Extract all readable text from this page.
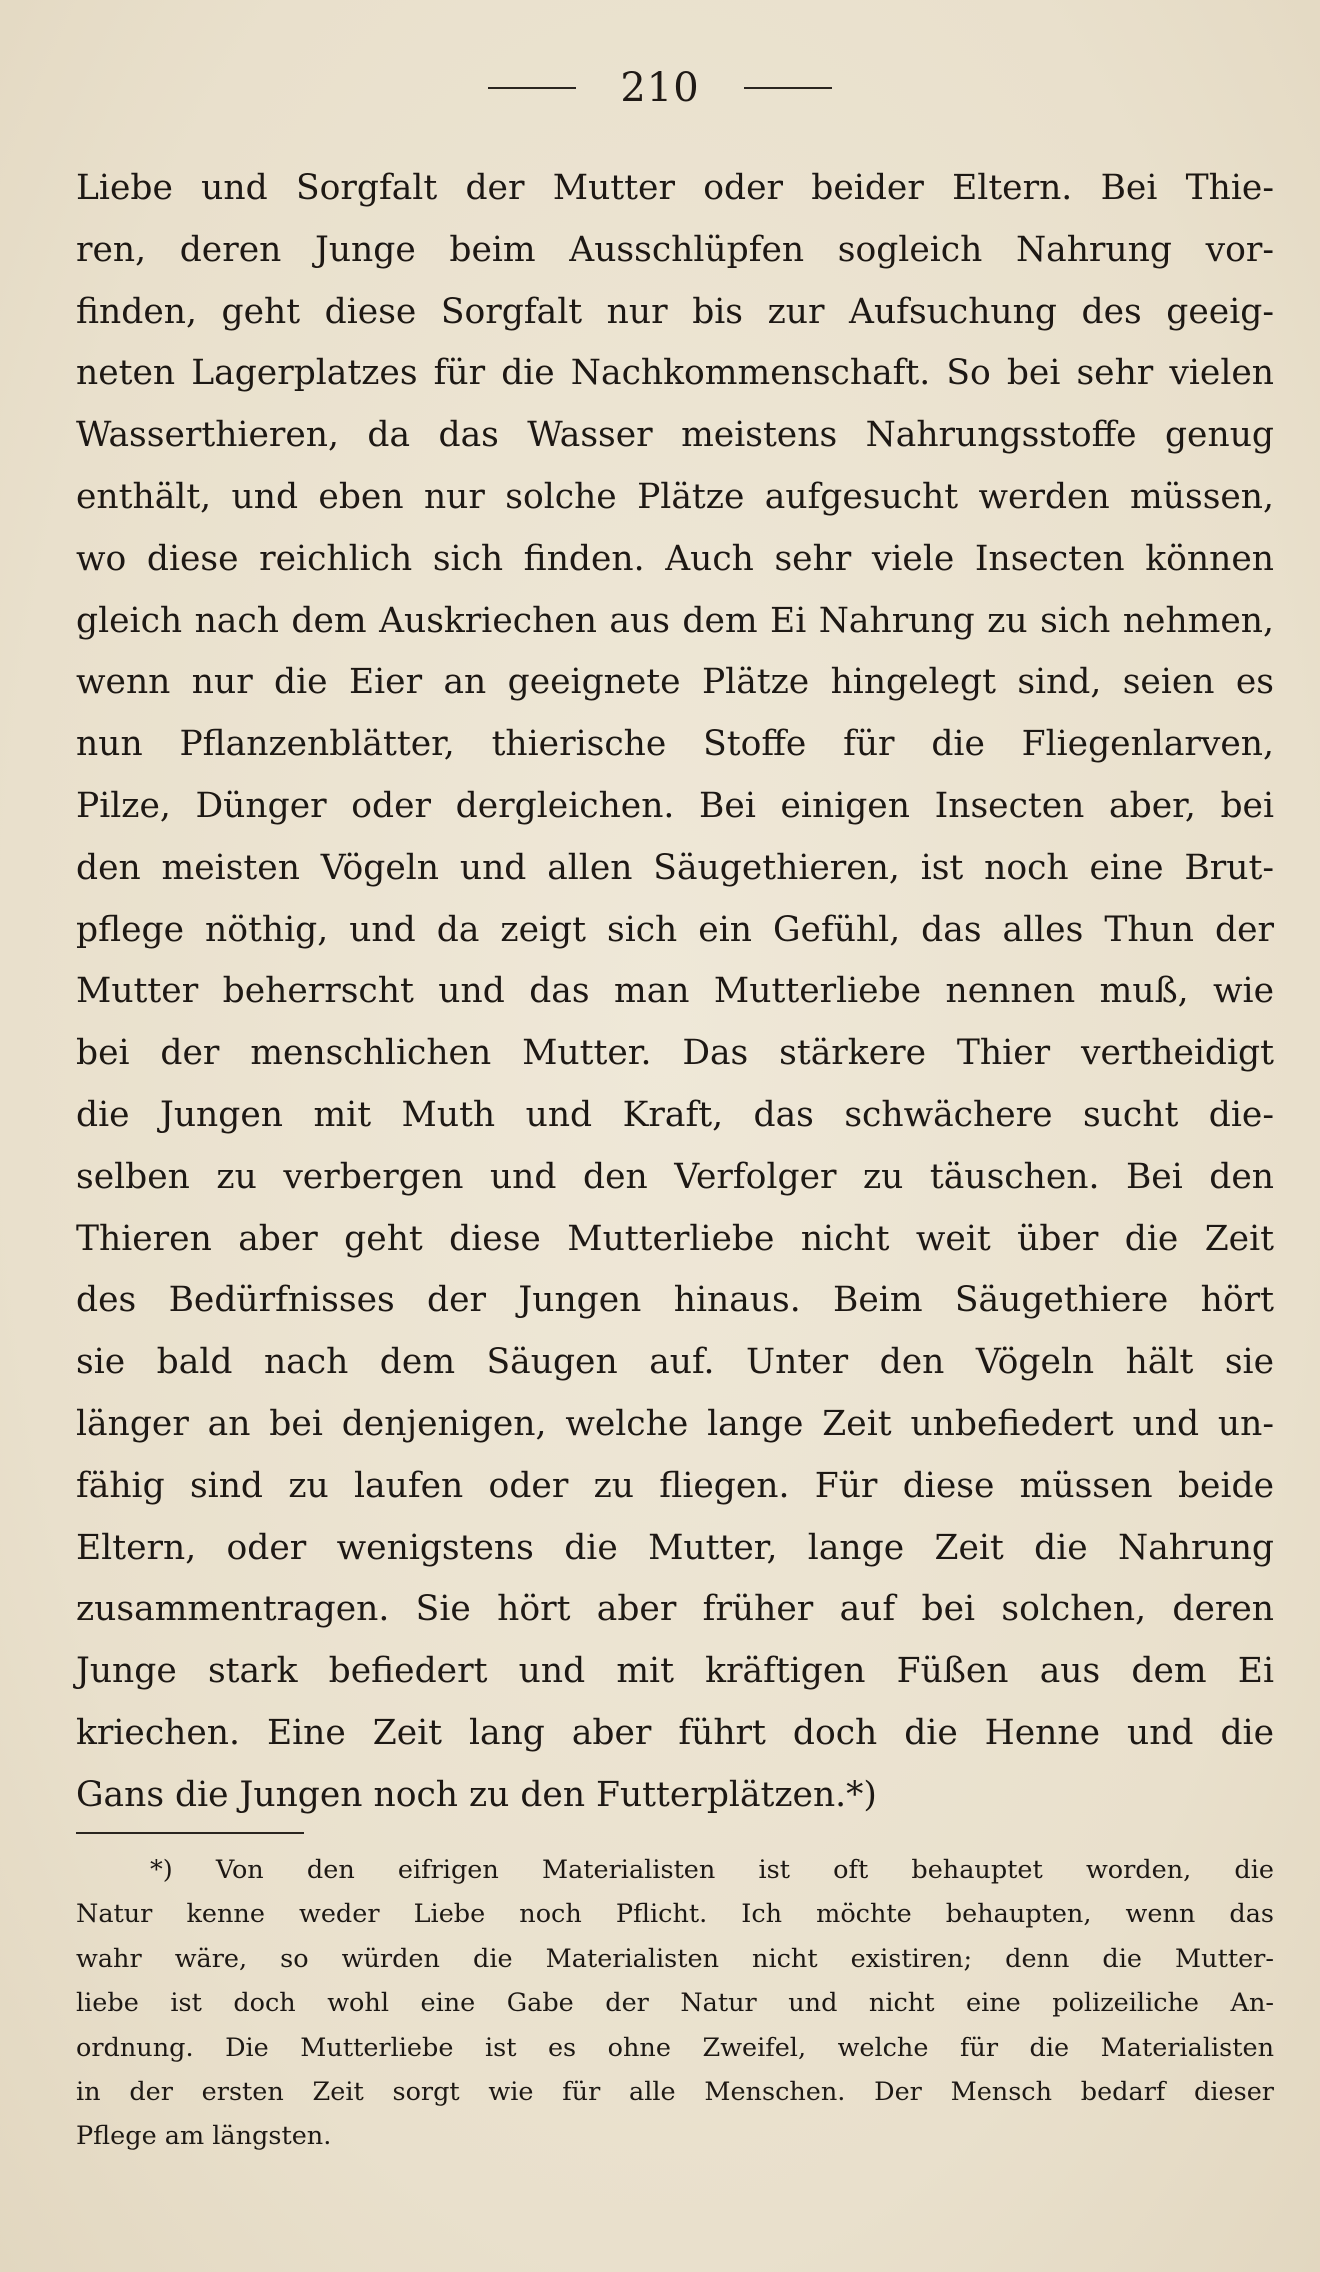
210
Liebe und Sorgfalt der Mutter oder beider Eltern. Bei Thie-
ren, deren Junge beim Ausschlüpfen sogleich Nahrung vor-
finden, geht diese Sorgfalt nur bis zur Aufsuchung des geeig-
neten Lagerplatzes für die Nachkommenschaft. So bei sehr vielen
Wasserthieren, da das Wasser meistens Nahrungsstoffe genug
enthält, und eben nur solche Plätze aufgesucht werden müssen,
wo diese reichlich sich finden. Auch sehr viele Insecten können
gleich nach dem Auskriechen aus dem Ei Nahrung zu sich nehmen,
wenn nur die Eier an geeignete Plätze hingelegt sind, seien es
nun Pflanzenblätter, thierische Stoffe für die Fliegenlarven,
Pilze, Dünger oder dergleichen. Bei einigen Insecten aber, bei
den meisten Vögeln und allen Säugethieren, ist noch eine Brut-
pflege nöthig, und da zeigt sich ein Gefühl, das alles Thun der
Mutter beherrscht und das man Mutterliebe nennen muß, wie
bei der menschlichen Mutter. Das stärkere Thier vertheidigt
die Jungen mit Muth und Kraft, das schwächere sucht die-
selben zu verbergen und den Verfolger zu täuschen. Bei den
Thieren aber geht diese Mutterliebe nicht weit über die Zeit
des Bedürfnisses der Jungen hinaus. Beim Säugethiere hört
sie bald nach dem Säugen auf. Unter den Vögeln hält sie
länger an bei denjenigen, welche lange Zeit unbefiedert und un-
fähig sind zu laufen oder zu fliegen. Für diese müssen beide
Eltern, oder wenigstens die Mutter, lange Zeit die Nahrung
zusammentragen. Sie hört aber früher auf bei solchen, deren
Junge stark befiedert und mit kräftigen Füßen aus dem Ei
kriechen. Eine Zeit lang aber führt doch die Henne und die
Gans die Jungen noch zu den Futterplätzen.*)
*) Von den eifrigen Materialisten ist oft behauptet worden, die
Natur kenne weder Liebe noch Pflicht. Ich möchte behaupten, wenn das
wahr wäre, so würden die Materialisten nicht existiren; denn die Mutter-
liebe ist doch wohl eine Gabe der Natur und nicht eine polizeiliche An-
ordnung. Die Mutterliebe ist es ohne Zweifel, welche für die Materialisten
in der ersten Zeit sorgt wie für alle Menschen. Der Mensch bedarf dieser
Pflege am längsten.
